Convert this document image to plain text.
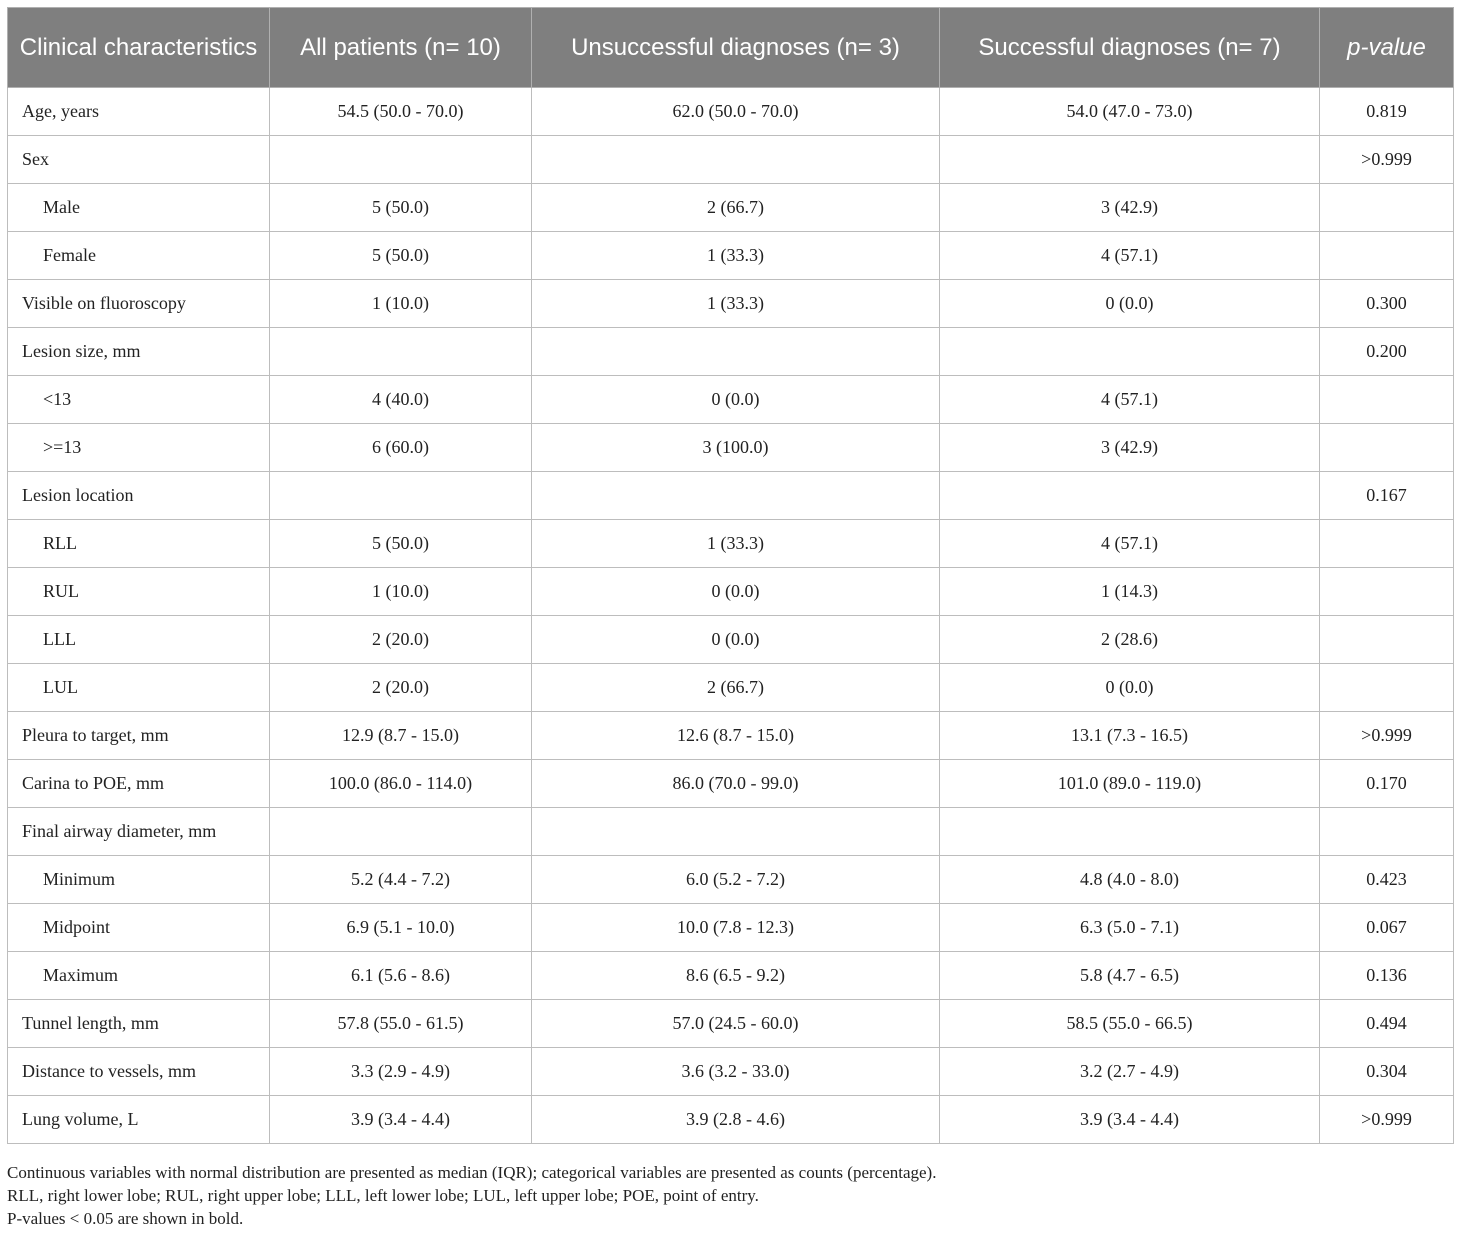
Clinical characteristics	All patients (n= 10)	Unsuccessful diagnoses (n= 3)	Successful diagnoses (n= 7)	p-value
Age, years	54.5 (50.0 - 70.0)	62.0 (50.0 - 70.0)	54.0 (47.0 - 73.0)	0.819
Sex				>0.999
Male	5 (50.0)	2 (66.7)	3 (42.9)	
Female	5 (50.0)	1 (33.3)	4 (57.1)	
Visible on fluoroscopy	1 (10.0)	1 (33.3)	0 (0.0)	0.300
Lesion size, mm				0.200
<13	4 (40.0)	0 (0.0)	4 (57.1)	
>=13	6 (60.0)	3 (100.0)	3 (42.9)	
Lesion location				0.167
RLL	5 (50.0)	1 (33.3)	4 (57.1)	
RUL	1 (10.0)	0 (0.0)	1 (14.3)	
LLL	2 (20.0)	0 (0.0)	2 (28.6)	
LUL	2 (20.0)	2 (66.7)	0 (0.0)	
Pleura to target, mm	12.9 (8.7 - 15.0)	12.6 (8.7 - 15.0)	13.1 (7.3 - 16.5)	>0.999
Carina to POE, mm	100.0 (86.0 - 114.0)	86.0 (70.0 - 99.0)	101.0 (89.0 - 119.0)	0.170
Final airway diameter, mm				
Minimum	5.2 (4.4 - 7.2)	6.0 (5.2 - 7.2)	4.8 (4.0 - 8.0)	0.423
Midpoint	6.9 (5.1 - 10.0)	10.0 (7.8 - 12.3)	6.3 (5.0 - 7.1)	0.067
Maximum	6.1 (5.6 - 8.6)	8.6 (6.5 - 9.2)	5.8 (4.7 - 6.5)	0.136
Tunnel length, mm	57.8 (55.0 - 61.5)	57.0 (24.5 - 60.0)	58.5 (55.0 - 66.5)	0.494
Distance to vessels, mm	3.3 (2.9 - 4.9)	3.6 (3.2 - 33.0)	3.2 (2.7 - 4.9)	0.304
Lung volume, L	3.9 (3.4 - 4.4)	3.9 (2.8 - 4.6)	3.9 (3.4 - 4.4)	>0.999
Continuous variables with normal distribution are presented as median (IQR); categorical variables are presented as counts (percentage).
RLL, right lower lobe; RUL, right upper lobe; LLL, left lower lobe; LUL, left upper lobe; POE, point of entry.
P-values < 0.05 are shown in bold.
